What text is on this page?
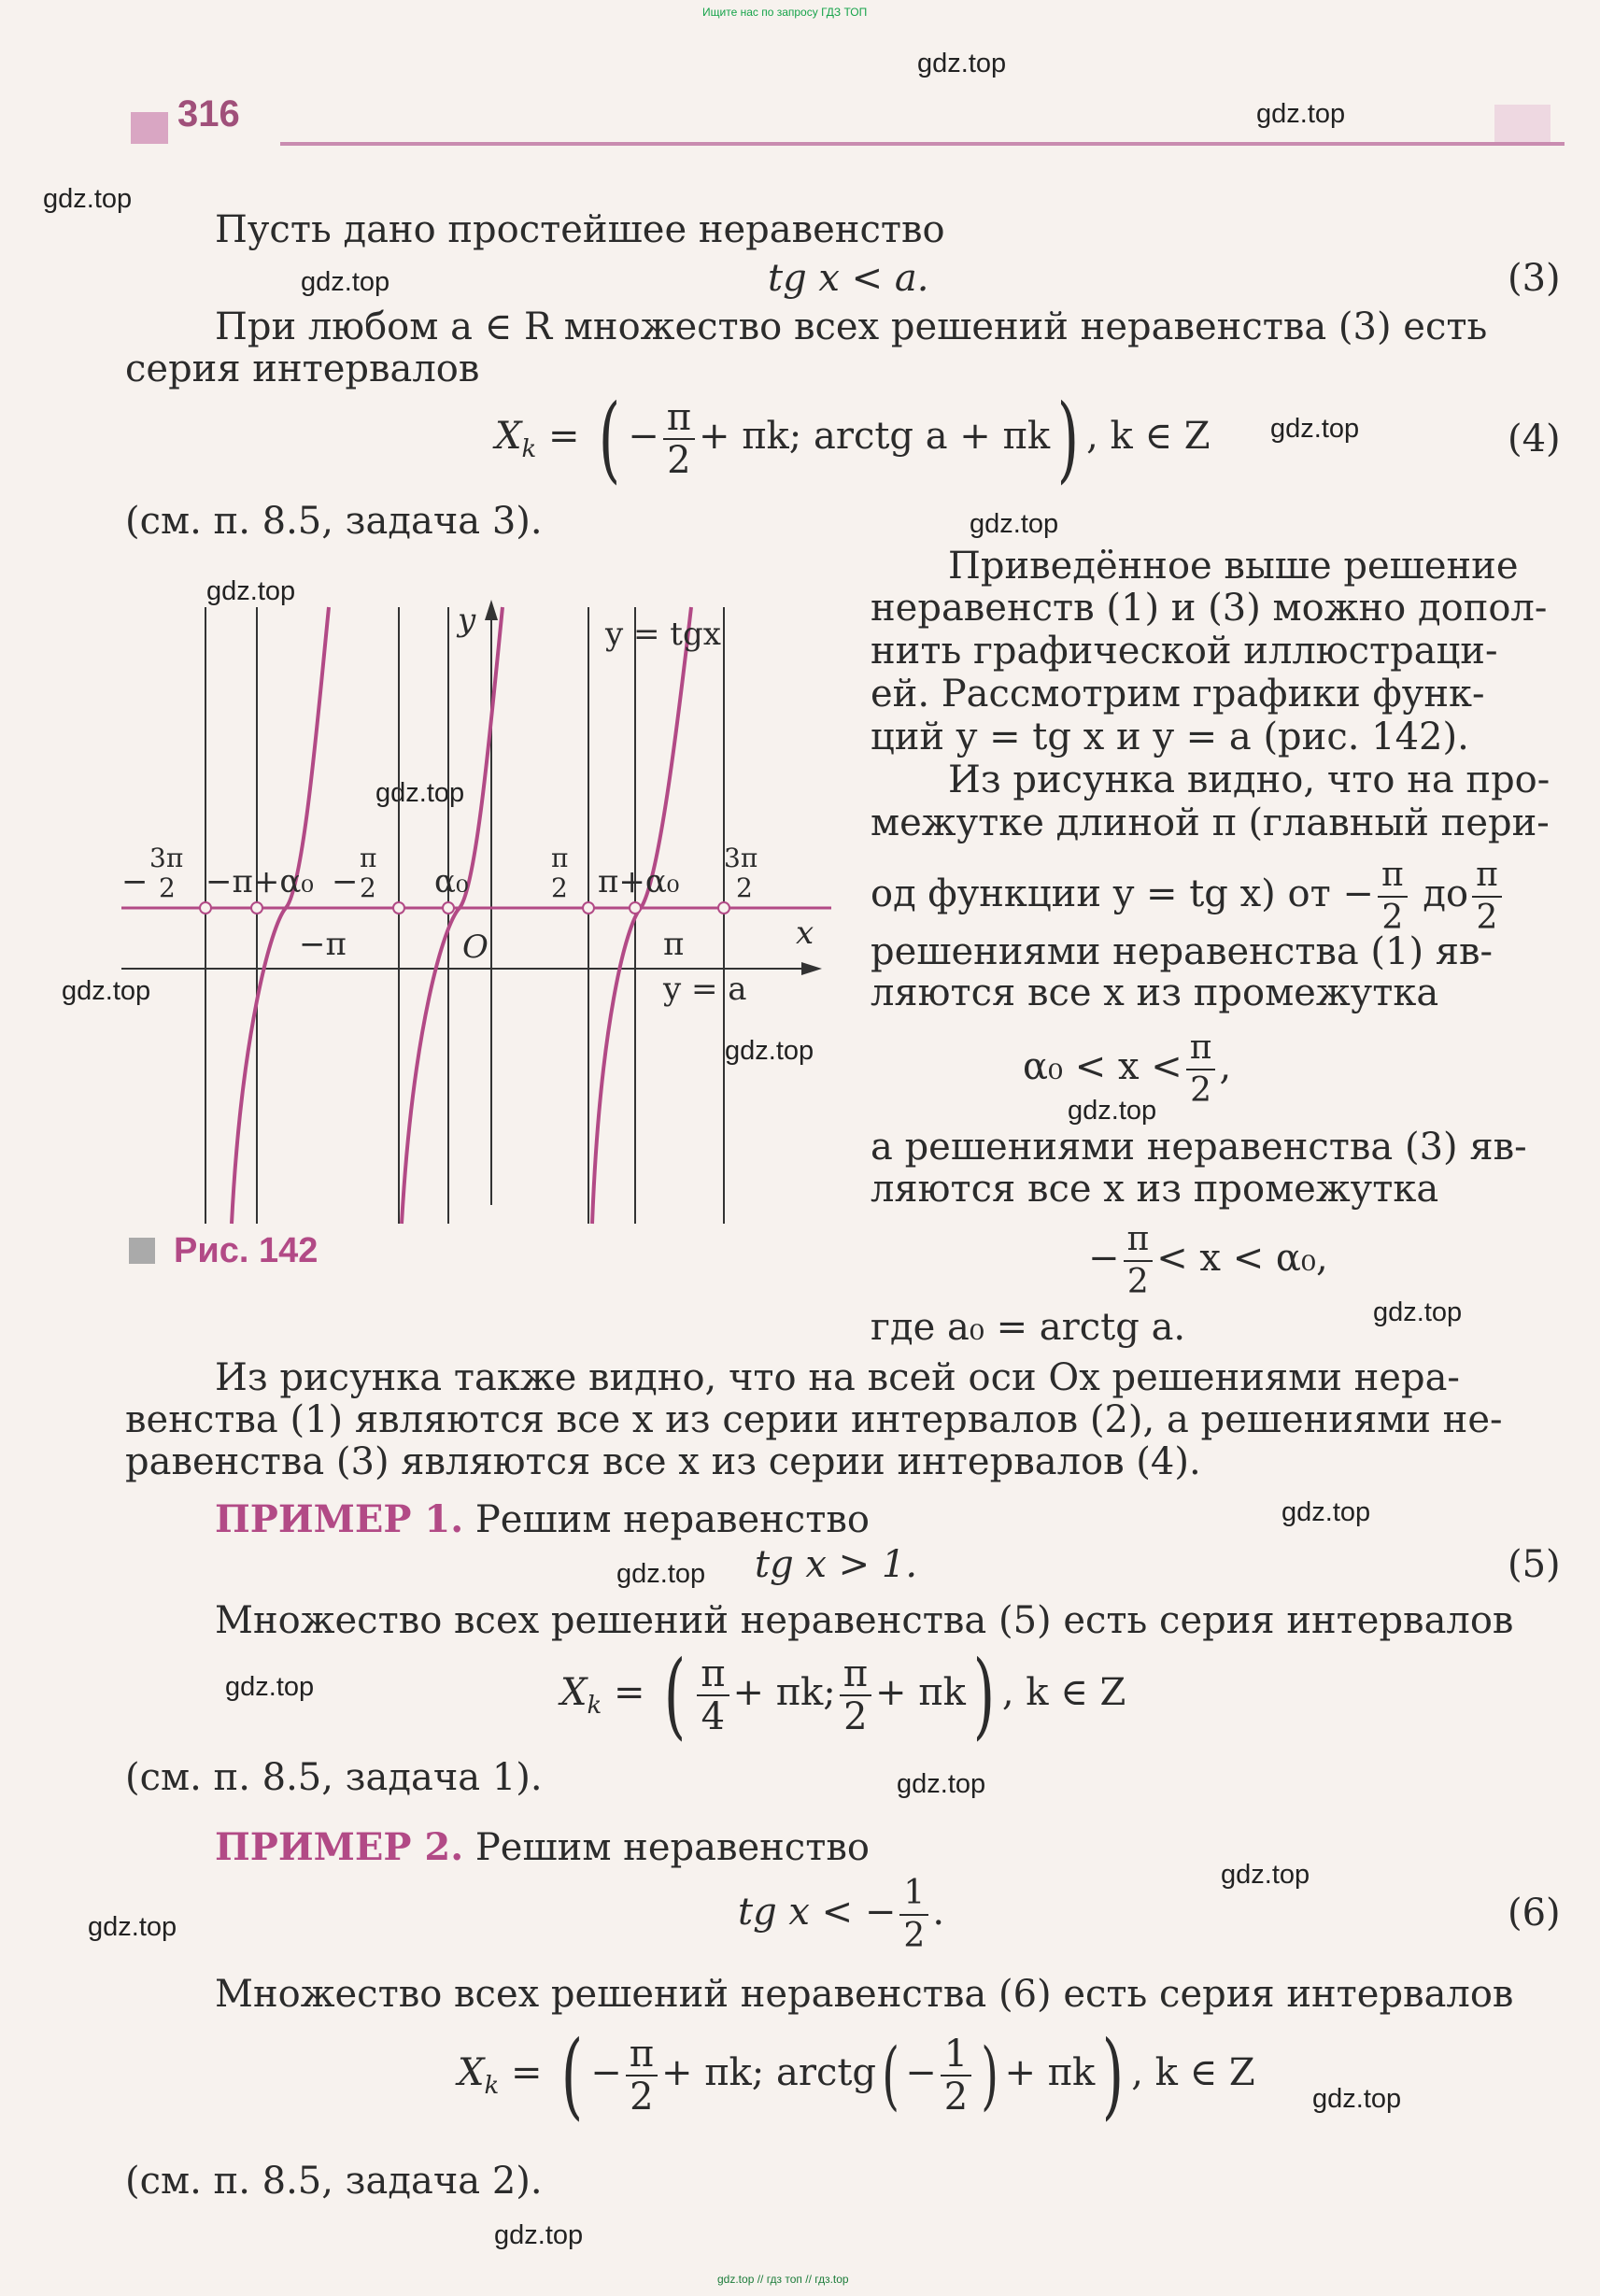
Ищите нас по запросу ГДЗ ТОП
gdz.top // гдз топ // гдз.top
316
gdz.top
gdz.top
gdz.top
gdz.top
gdz.top
gdz.top
gdz.top
gdz.top
gdz.top
gdz.top
gdz.top
gdz.top
gdz.top
gdz.top
gdz.top
gdz.top
gdz.top
gdz.top
gdz.top
gdz.top
Пусть дано простейшее неравенство
tg x < a.	(3)
При любом a ∈ R множество всех решений неравенства (3) есть
серия интервалов
$X_k$ = ( − $\frac{\pi}{2} + \pi k$; arctg a + πk) , k ∈ Z	(4)
(см. п. 8.5, задача 3).
Приведённое выше решение
неравенств (1) и (3) можно допол-
нить графической иллюстраци-
ей. Рассмотрим графики функ-
ций y = tg x и y = a (рис. 142).
Из рисунка видно, что на про-
межутке длиной π (главный пери-
од функции y = tg x) от − $\frac{\pi}{2}$ до $\frac{\pi}{2}$
решениями неравенства (1) яв-
ляются все x из промежутка
$\alpha_0 < x < \frac{\pi}{2}$ ,
а решениями неравенства (3) яв-
ляются все x из промежутка
− $\frac{\pi}{2} < x < \alpha_0$,
где a₀ = arctg a.
y
x
O
y = tgx
y = a
−
3π
2 −π+α₀ −
π
2 α₀
π
2 π+α₀
3π
2
−π	π
Рис. 142
Из рисунка также видно, что на всей оси Ox решениями нера-
венства (1) являются все x из серии интервалов (2), а решениями не-
равенства (3) являются все x из серии интервалов (4).
ПРИМЕР 1. Решим неравенство
tg x > 1.	(5)
Множество всех решений неравенства (5) есть серия интервалов
$X_k$ = ( $\frac{\pi}{4} + \pi k$; $\frac{\pi}{2} + \pi k$) , k ∈ Z
(см. п. 8.5, задача 1).
ПРИМЕР 2. Решим неравенство
tg x < − $\frac{1}{2}$ .	(6)
Множество всех решений неравенства (6) есть серия интервалов
$X_k$ = ( − $\frac{\pi}{2} + \pi k$; arctg( − $\frac{1}{2}$ ) + πk) , k ∈ Z
(см. п. 8.5, задача 2).
